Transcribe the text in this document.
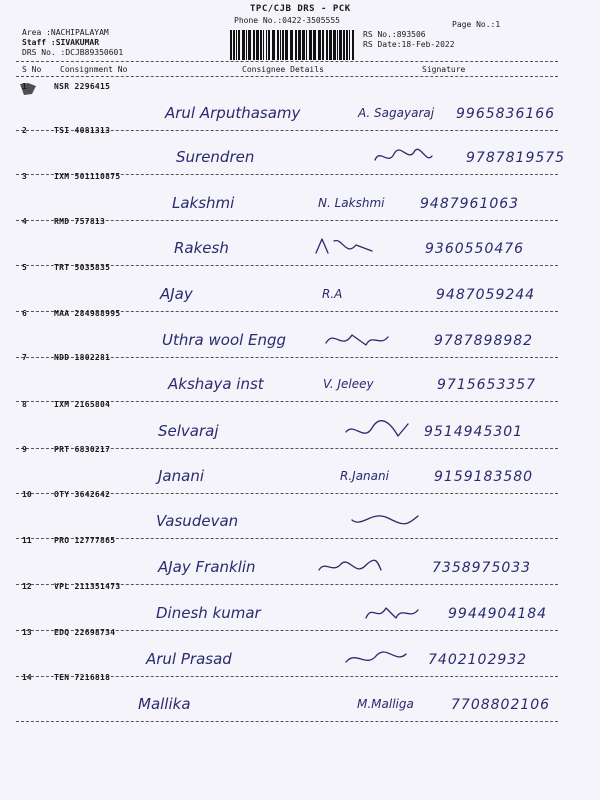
TPC/CJB DRS - PCK
Phone No.:0422-3505555	Page No.:1
Area :NACHIPALAYAM
Staff :SIVAKUMAR
DRS No. :DCJB89350601
RS No.:893506
RS Date:18-Feb-2022
S No Consignment No	Consignee Details	Signature
1	NSR 2296415
Arul Arputhasamy	A. Sagayaraj 9965836166
2	TSI 4081313
Surendren	9787819575
3	IXM 501110875
Lakshmi	N. Lakshmi	9487961063
4	RMD 757813
Rakesh	9360550476
5	TRT 5035835
AJay	R.A	9487059244
6	MAA 284988995
Uthra wool Engg	9787898982
7	NDD 1802281
Akshaya inst	V. Jeleey	9715653357
8	IXM 2165804
Selvaraj	9514945301
9	PRT 6830217
Janani	R.Janani	9159183580
10	OTY 3642642
Vasudevan
11	PRO 12777865
AJay Franklin	7358975033
12	VPL 211351473
Dinesh kumar	9944904184
13	EDQ 22698734
Arul Prasad	7402102932
14	TEN 7216818
Mallika	M.Malliga	7708802106
